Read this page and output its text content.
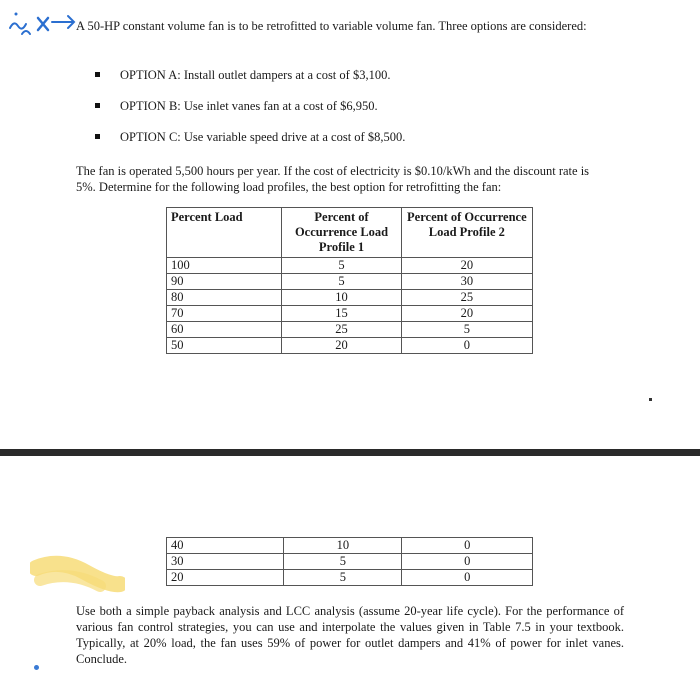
A 50-HP constant volume fan is to be retrofitted to variable volume fan. Three options are considered:

OPTION A: Install outlet dampers at a cost of $3,100.
OPTION B: Use inlet vanes fan at a cost of $6,950.
OPTION C: Use variable speed drive at a cost of $8,500.

The fan is operated 5,500 hours per year. If the cost of electricity is $0.10/kWh and the discount rate is 5%. Determine for the following load profiles, the best option for retrofitting the fan:

Percent Load	Percent of Occurrence Load Profile 1	Percent of Occurrence Load Profile 2
100	5	20
90	5	30
80	10	25
70	15	20
60	25	5
50	20	0
40	10	0
30	5	0
20	5	0

Use both a simple payback analysis and LCC analysis (assume 20-year life cycle). For the performance of various fan control strategies, you can use and interpolate the values given in Table 7.5 in your textbook. Typically, at 20% load, the fan uses 59% of power for outlet dampers and 41% of power for inlet vanes. Conclude.
